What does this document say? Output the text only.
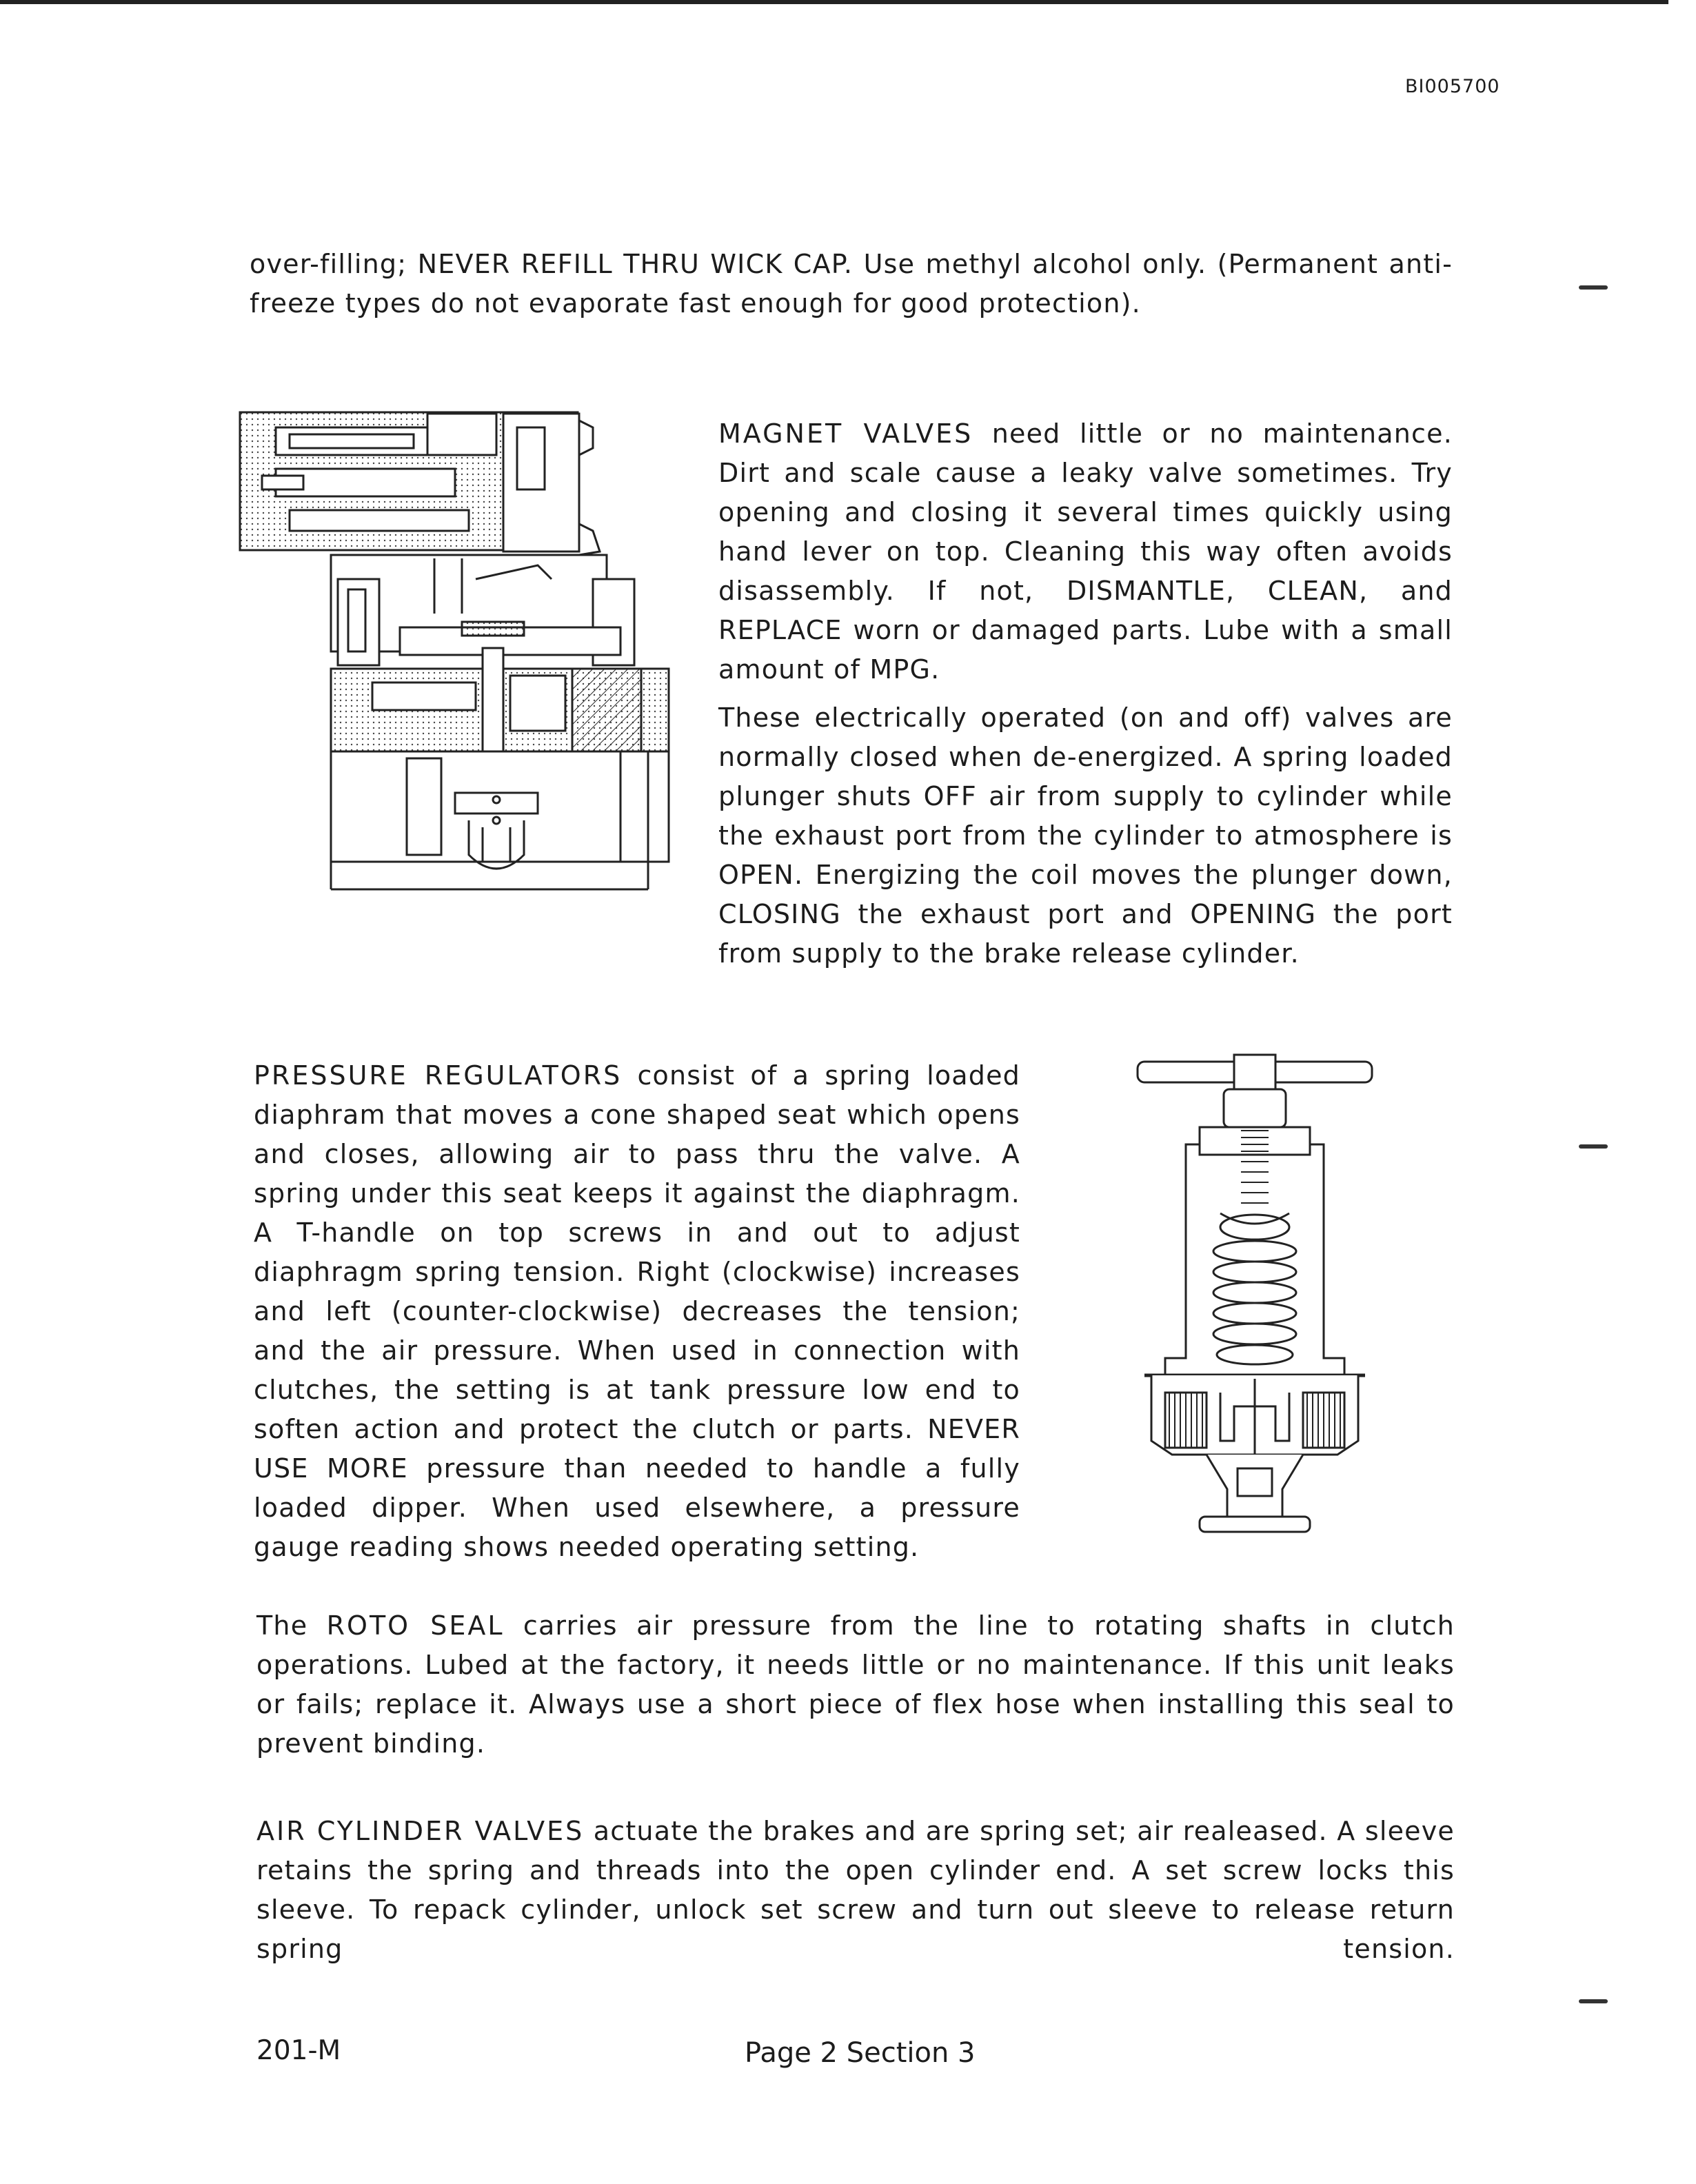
BI005700

over-filling; NEVER REFILL THRU WICK CAP. Use methyl alcohol only. (Permanent anti-freeze types do not evaporate fast enough for good protection).

MAGNET VALVES need little or no maintenance. Dirt and scale cause a leaky valve sometimes. Try opening and closing it several times quickly using hand lever on top. Cleaning this way often avoids disassembly. If not, DISMANTLE, CLEAN, and REPLACE worn or damaged parts. Lube with a small amount of MPG.

These electrically operated (on and off) valves are normally closed when de-energized. A spring loaded plunger shuts OFF air from supply to cylinder while the exhaust port from the cylinder to atmosphere is OPEN. Energizing the coil moves the plunger down, CLOSING the exhaust port and OPENING the port from supply to the brake release cylinder.

PRESSURE REGULATORS consist of a spring loaded diaphram that moves a cone shaped seat which opens and closes, allowing air to pass thru the valve. A spring under this seat keeps it against the diaphragm. A T-handle on top screws in and out to adjust diaphragm spring tension. Right (clockwise) increases and left (counter-clockwise) decreases the tension; and the air pressure. When used in connection with clutches, the setting is at tank pressure low end to soften action and protect the clutch or parts. NEVER USE MORE pressure than needed to handle a fully loaded dipper. When used elsewhere, a pressure gauge reading shows needed operating setting.

The ROTO SEAL carries air pressure from the line to rotating shafts in clutch operations. Lubed at the factory, it needs little or no maintenance. If this unit leaks or fails; replace it. Always use a short piece of flex hose when installing this seal to prevent binding.

AIR CYLINDER VALVES actuate the brakes and are spring set; air realeased. A sleeve retains the spring and threads into the open cylinder end. A set screw locks this sleeve. To repack cylinder, unlock set screw and turn out sleeve to release return spring tension.

201-M	Page 2 Section 3
